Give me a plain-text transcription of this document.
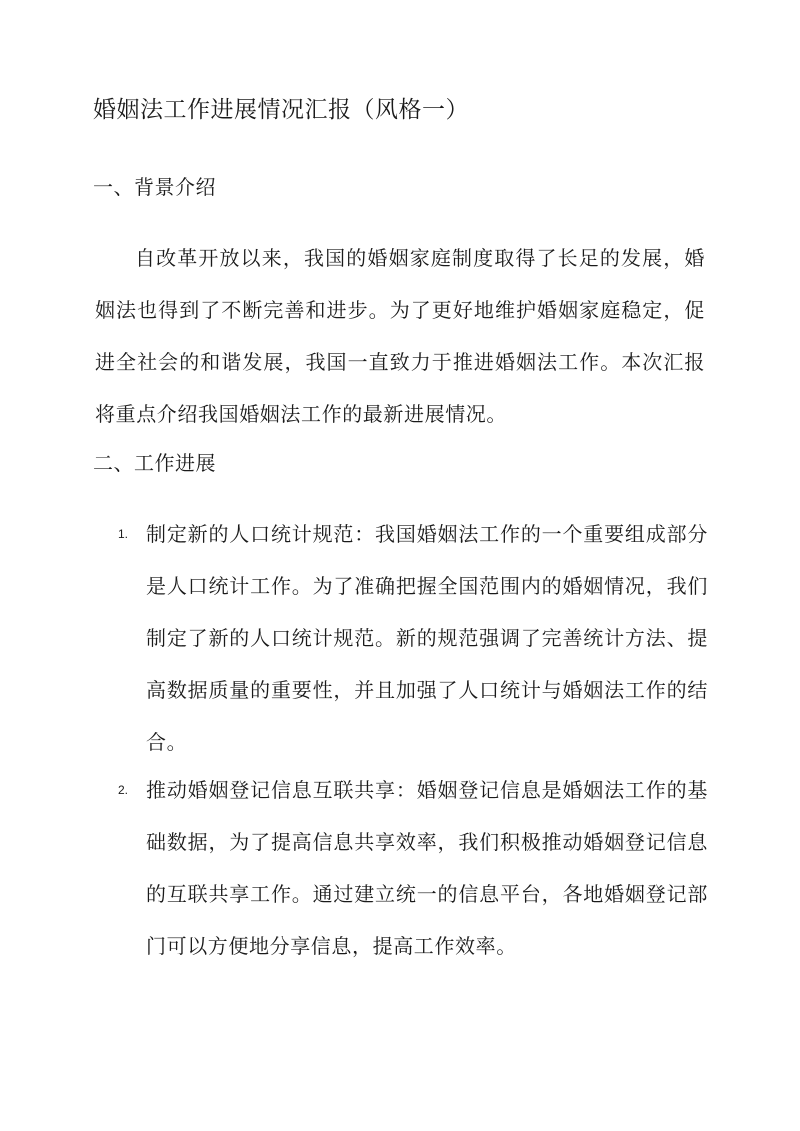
婚姻法工作进展情况汇报（风格一）
一、背景介绍

自改革开放以来，我国的婚姻家庭制度取得了长足的发展，婚姻法也得到了不断完善和进步。为了更好地维护婚姻家庭稳定，促进全社会的和谐发展，我国一直致力于推进婚姻法工作。本次汇报将重点介绍我国婚姻法工作的最新进展情况。

二、工作进展
1. 制定新的人口统计规范：我国婚姻法工作的一个重要组成部分是人口统计工作。为了准确把握全国范围内的婚姻情况，我们制定了新的人口统计规范。新的规范强调了完善统计方法、提高数据质量的重要性，并且加强了人口统计与婚姻法工作的结合。

2. 推动婚姻登记信息互联共享：婚姻登记信息是婚姻法工作的基础数据，为了提高信息共享效率，我们积极推动婚姻登记信息的互联共享工作。通过建立统一的信息平台，各地婚姻登记部门可以方便地分享信息，提高工作效率。
